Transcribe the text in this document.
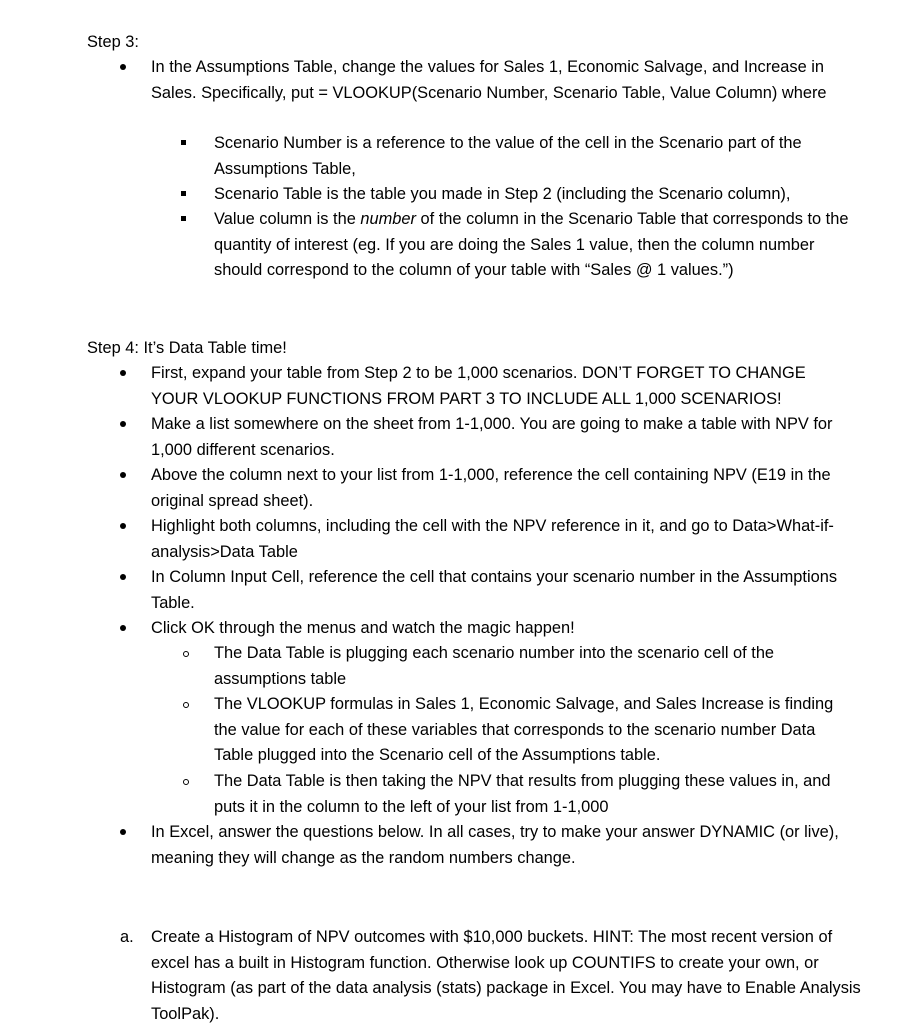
Step 3:
In the Assumptions Table, change the values for Sales 1, Economic Salvage, and Increase in Sales. Specifically, put = VLOOKUP(Scenario Number, Scenario Table, Value Column) where
Scenario Number is a reference to the value of the cell in the Scenario part of the Assumptions Table,
Scenario Table is the table you made in Step 2 (including the Scenario column),
Value column is the number of the column in the Scenario Table that corresponds to the quantity of interest (eg. If you are doing the Sales 1 value, then the column number should correspond to the column of your table with “Sales @ 1 values.”)
Step 4: It’s Data Table time!
First, expand your table from Step 2 to be 1,000 scenarios. DON’T FORGET TO CHANGE YOUR VLOOKUP FUNCTIONS FROM PART 3 TO INCLUDE ALL 1,000 SCENARIOS!
Make a list somewhere on the sheet from 1-1,000. You are going to make a table with NPV for 1,000 different scenarios.
Above the column next to your list from 1-1,000, reference the cell containing NPV (E19 in the original spread sheet).
Highlight both columns, including the cell with the NPV reference in it, and go to Data>What-if-analysis>Data Table
In Column Input Cell, reference the cell that contains your scenario number in the Assumptions Table.
Click OK through the menus and watch the magic happen!
The Data Table is plugging each scenario number into the scenario cell of the assumptions table
The VLOOKUP formulas in Sales 1, Economic Salvage, and Sales Increase is finding the value for each of these variables that corresponds to the scenario number Data Table plugged into the Scenario cell of the Assumptions table.
The Data Table is then taking the NPV that results from plugging these values in, and puts it in the column to the left of your list from 1-1,000
In Excel, answer the questions below. In all cases, try to make your answer DYNAMIC (or live), meaning they will change as the random numbers change.
a. Create a Histogram of NPV outcomes with $10,000 buckets. HINT: The most recent version of excel has a built in Histogram function. Otherwise look up COUNTIFS to create your own, or Histogram (as part of the data analysis (stats) package in Excel. You may have to Enable Analysis ToolPak).
